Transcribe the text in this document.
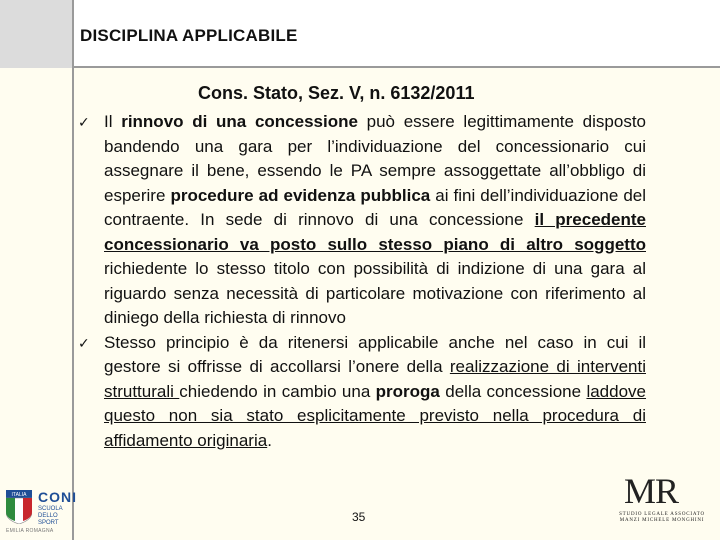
DISCIPLINA APPLICABILE
Cons. Stato, Sez. V, n. 6132/2011
✓ Il rinnovo di una concessione può essere legittimamente disposto bandendo una gara per l’individuazione del concessionario cui assegnare il bene, essendo le PA sempre assoggettate all’obbligo di esperire procedure ad evidenza pubblica ai fini dell’individuazione del contraente. In sede di rinnovo di una concessione il precedente concessionario va posto sullo stesso piano di altro soggetto richiedente lo stesso titolo con possibilità di indizione di una gara al riguardo senza necessità di particolare motivazione con riferimento al diniego della richiesta di rinnovo
✓ Stesso principio è da ritenersi applicabile anche nel caso in cui il gestore si offrisse di accollarsi l’onere della realizzazione di interventi strutturali chiedendo in cambio una proroga della concessione laddove questo non sia stato esplicitamente previsto nella procedura di affidamento originaria.
35
ITALIA CONI
SCUOLA DELLO SPORT
EMILIA ROMAGNA
MR
STUDIO LEGALE ASSOCIATO MANZI MICHELE MONGHINI
